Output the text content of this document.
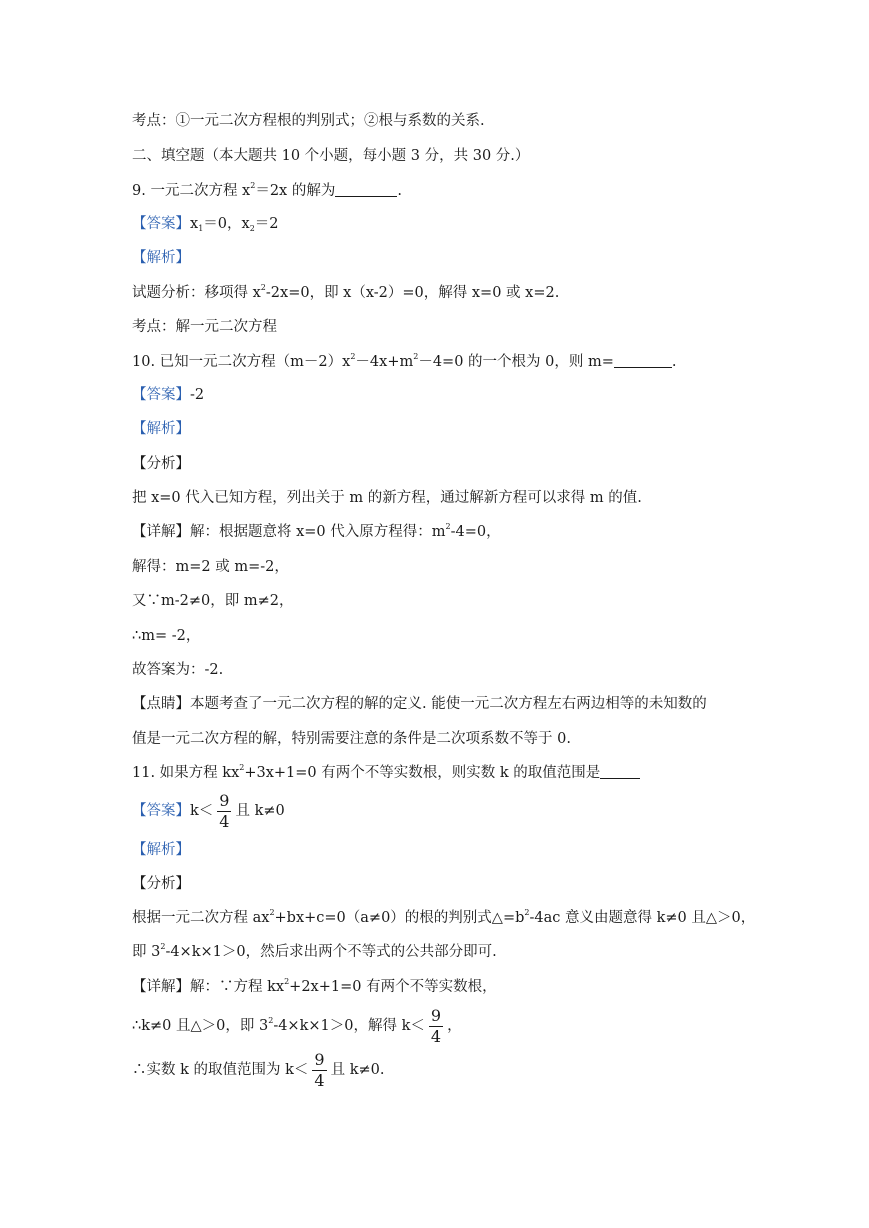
考点：①一元二次方程根的判别式；②根与系数的关系.
二、填空题（本大题共 10 个小题，每小题 3 分，共 30 分.）
9. 一元二次方程 $x^2=2x$ 的解为	.
【答案】$x_1=0$，$x_2=2$
【解析】
试题分析：移项得 $x^2-2x=0$，即 x（x-2）=0，解得 x=0 或 x=2.
考点：解一元二次方程
10. 已知一元二次方程$(m-2)x^2-4x+m^2-4=0$ 的一个根为 0，则 m=	.
【答案】-2
【解析】
【分析】
把 x=0 代入已知方程，列出关于 m 的新方程，通过解新方程可以求得 m 的值.
【详解】解：根据题意将 x=0 代入原方程得：$m^2-4=0$，
解得：m=2 或 m=-2，
又∵m-2≠0，即 m≠2，
∴m= -2，
故答案为：-2.
【点睛】本题考查了一元二次方程的解的定义. 能使一元二次方程左右两边相等的未知数的
值是一元二次方程的解，特别需要注意的条件是二次项系数不等于 0.
11. 如果方程 $kx^2+3x+1=0$ 有两个不等实数根，则实数 k 的取值范围是
【答案】$k< \frac{9}{4}$ 且 k≠0
【解析】
【分析】
根据一元二次方程 $ax^2+bx+c=0(a\ne 0)$的根的判别式$\triangle=b^2-4ac$ 意义由题意得 k≠0 且△＞0，
即 $3^2-4\times k\times 1>0$，然后求出两个不等式的公共部分即可.
【详解】解：∵方程 $kx^2+2x+1=0$ 有两个不等实数根，
∴k≠0 且△＞0，即 $3^2-4\times k\times 1>0$，解得 $k< \frac{9}{4}$ ，
∴实数 k 的取值范围为 $k< \frac{9}{4}$ 且 k≠0.
